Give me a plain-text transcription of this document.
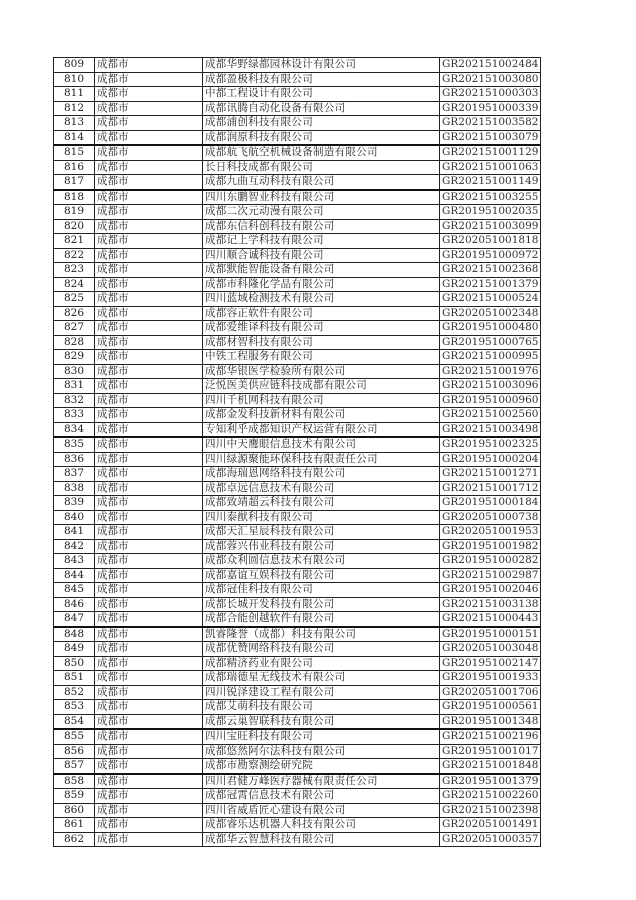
809	成都市	成都华野绿都园林设计有限公司	GR202151002484
810	成都市	成都盈极科技有限公司	GR202151003080
811	成都市	中都工程设计有限公司	GR202151000303
812	成都市	成都讯腾自动化设备有限公司	GR201951000339
813	成都市	成都浦创科技有限公司	GR202151003582
814	成都市	成都润原科技有限公司	GR202151003079
815	成都市	成都航飞航空机械设备制造有限公司	GR202151001129
816	成都市	长日科技成都有限公司	GR202151001063
817	成都市	成都九曲互动科技有限公司	GR202151001149
818	成都市	四川东鹏智业科技有限公司	GR202151003255
819	成都市	成都二次元动漫有限公司	GR201951002035
820	成都市	成都东信科创科技有限公司	GR202151003099
821	成都市	成都记上学科技有限公司	GR202051001818
822	成都市	四川顺合诚科技有限公司	GR201951000972
823	成都市	成都默能智能设备有限公司	GR202151002368
824	成都市	成都市科隆化学品有限公司	GR202151001379
825	成都市	四川蓝域检测技术有限公司	GR202151000524
826	成都市	成都容正软件有限公司	GR202051002348
827	成都市	成都爱维译科技有限公司	GR201951000480
828	成都市	成都材智科技有限公司	GR201951000765
829	成都市	中铁工程服务有限公司	GR202151000995
830	成都市	成都华银医学检验所有限公司	GR202151001976
831	成都市	泛悦医美供应链科技成都有限公司	GR202151003096
832	成都市	四川千机网科技有限公司	GR201951000960
833	成都市	成都金发科技新材料有限公司	GR202151002560
834	成都市	专知利乎成都知识产权运营有限公司	GR202151003498
835	成都市	四川中天鹰眼信息技术有限公司	GR201951002325
836	成都市	四川绿源聚能环保科技有限责任公司	GR201951000204
837	成都市	成都海瑞恩网络科技有限公司	GR202151001271
838	成都市	成都卓远信息技术有限公司	GR202151001712
839	成都市	成都致靖超云科技有限公司	GR201951000184
840	成都市	四川泰猷科技有限公司	GR202051000738
841	成都市	成都天汇星辰科技有限公司	GR202051001953
842	成都市	成都蓉兴伟业科技有限公司	GR201951001982
843	成都市	成都众利圆信息技术有限公司	GR201951000282
844	成都市	成都嘉谊互娱科技有限公司	GR202151002987
845	成都市	成都冠佳科技有限公司	GR201951002046
846	成都市	成都长城开发科技有限公司	GR202151003138
847	成都市	成都合能创越软件有限公司	GR202151000443
848	成都市	凯睿隆誉（成都）科技有限公司	GR201951000151
849	成都市	成都优赞网络科技有限公司	GR202051003048
850	成都市	成都精济药业有限公司	GR201951002147
851	成都市	成都瑞德星无线技术有限公司	GR201951001933
852	成都市	四川锐泽建设工程有限公司	GR202051001706
853	成都市	成都艾萌科技有限公司	GR201951000561
854	成都市	成都云巢智联科技有限公司	GR201951001348
855	成都市	四川宝旺科技有限公司	GR202151002196
856	成都市	成都悠然阿尔法科技有限公司	GR201951001017
857	成都市	成都市勘察测绘研究院	GR202151001848
858	成都市	四川君健万峰医疗器械有限责任公司	GR201951001379
859	成都市	成都冠霄信息技术有限公司	GR202151002260
860	成都市	四川省威盾匠心建设有限公司	GR202151002398
861	成都市	成都睿乐达机器人科技有限公司	GR202051001491
862	成都市	成都华云智慧科技有限公司	GR202051000357
